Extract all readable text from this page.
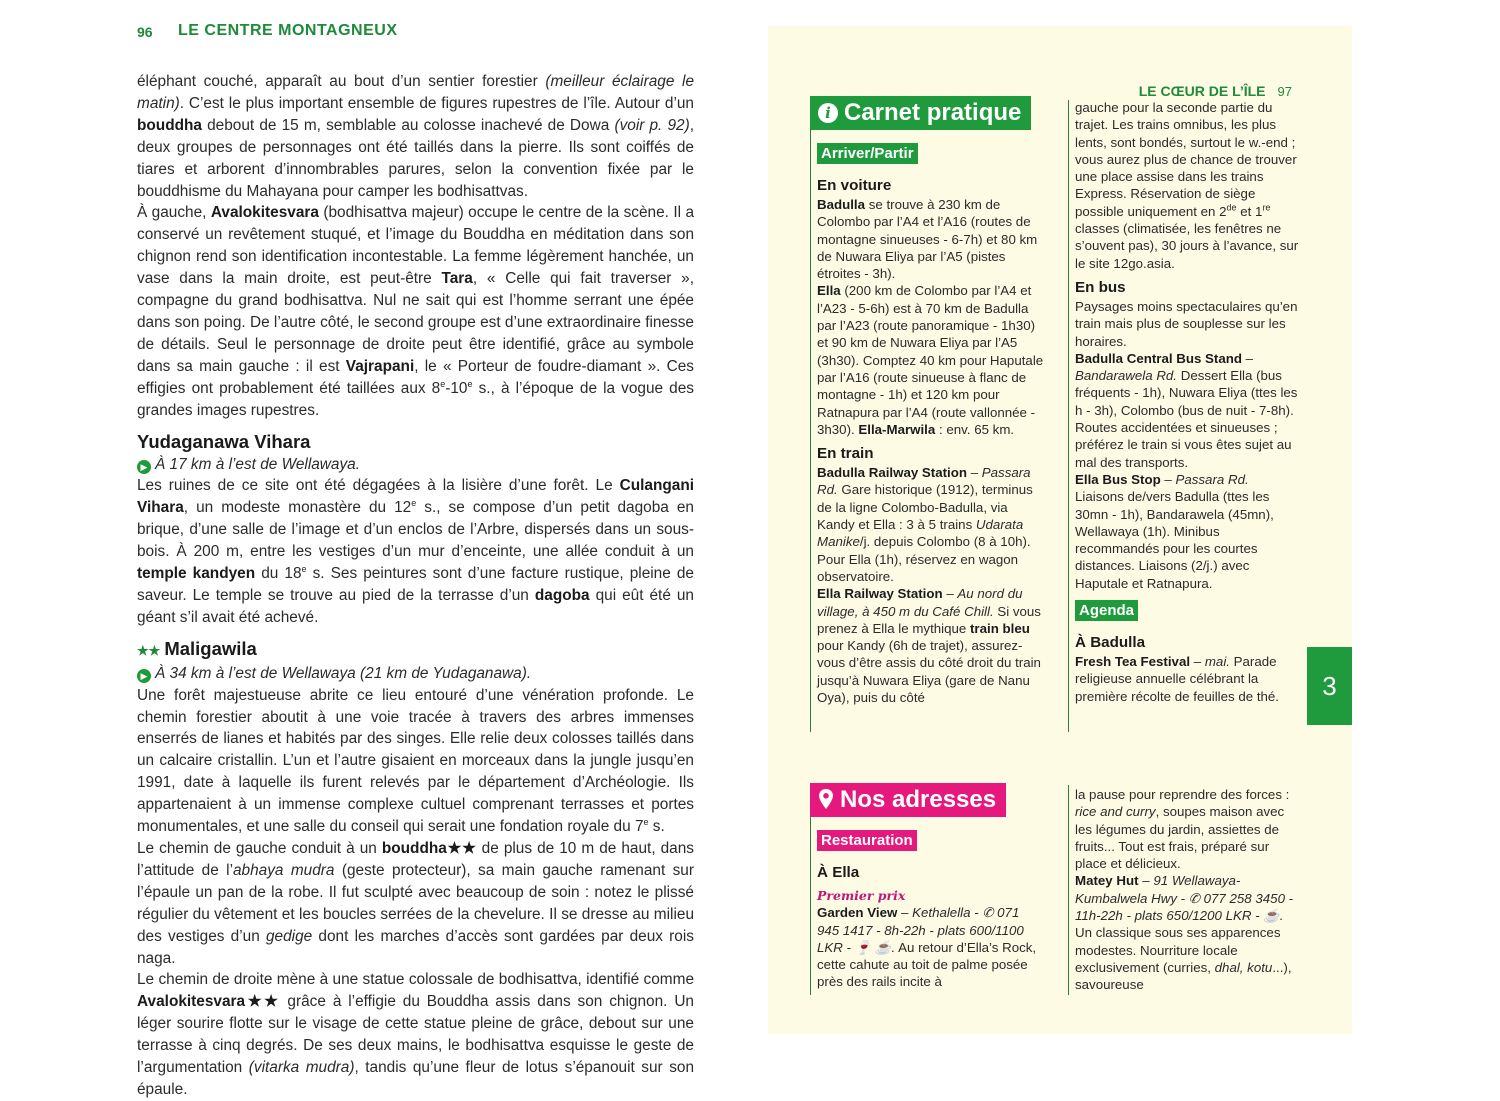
96 LE CENTRE MONTAGNEUX

éléphant couché, apparaît au bout d’un sentier forestier (meilleur éclairage le matin). C’est le plus important ensemble de figures rupestres de l’île. Autour d’un bouddha debout de 15 m, semblable au colosse inachevé de Dowa (voir p. 92), deux groupes de personnages ont été taillés dans la pierre. Ils sont coiffés de tiares et arborent d’innombrables parures, selon la convention fixée par le bouddhisme du Mahayana pour camper les bodhisattvas.

À gauche, Avalokitesvara (bodhisattva majeur) occupe le centre de la scène. Il a conservé un revêtement stuqué, et l’image du Bouddha en méditation dans son chignon rend son identification incontestable. La femme légèrement hanchée, un vase dans la main droite, est peut-être Tara, « Celle qui fait traverser », compagne du grand bodhisattva. Nul ne sait qui est l’homme serrant une épée dans son poing. De l’autre côté, le second groupe est d’une extraordinaire finesse de détails. Seul le personnage de droite peut être identifié, grâce au symbole dans sa main gauche : il est Vajrapani, le « Porteur de foudre-diamant ». Ces effigies ont probablement été taillées aux 8e-10e s., à l’époque de la vogue des grandes images rupestres.

Yudaganawa Vihara
▶ À 17 km à l’est de Wellawaya.

Les ruines de ce site ont été dégagées à la lisière d’une forêt. Le Culangani Vihara, un modeste monastère du 12e s., se compose d’un petit dagoba en brique, d’une salle de l’image et d’un enclos de l’Arbre, dispersés dans un sous-bois. À 200 m, entre les vestiges d’un mur d’enceinte, une allée conduit à un temple kandyen du 18e s. Ses peintures sont d’une facture rustique, pleine de saveur. Le temple se trouve au pied de la terrasse d’un dagoba qui eût été un géant s’il avait été achevé.

★★ Maligawila
▶ À 34 km à l’est de Wellawaya (21 km de Yudaganawa).

Une forêt majestueuse abrite ce lieu entouré d’une vénération profonde. Le chemin forestier aboutit à une voie tracée à travers des arbres immenses enserrés de lianes et habités par des singes. Elle relie deux colosses taillés dans un calcaire cristallin. L’un et l’autre gisaient en morceaux dans la jungle jusqu’en 1991, date à laquelle ils furent relevés par le département d’Archéologie. Ils appartenaient à un immense complexe cultuel comprenant terrasses et portes monumentales, et une salle du conseil qui serait une fondation royale du 7e s.

Le chemin de gauche conduit à un bouddha★★ de plus de 10 m de haut, dans l’attitude de l’abhaya mudra (geste protecteur), sa main gauche ramenant sur l’épaule un pan de la robe. Il fut sculpté avec beaucoup de soin : notez le plissé régulier du vêtement et les boucles serrées de la chevelure. Il se dresse au milieu des vestiges d’un gedige dont les marches d’accès sont gardées par deux rois naga.

Le chemin de droite mène à une statue colossale de bodhisattva, identifié comme Avalokitesvara★★ grâce à l’effigie du Bouddha assis dans son chignon. Un léger sourire flotte sur le visage de cette statue pleine de grâce, debout sur une terrasse à cinq degrés. De ses deux mains, le bodhisattva esquisse le geste de l’argumentation (vitarka mudra), tandis qu’une fleur de lotus s’épanouit sur son épaule.

LE CŒUR DE L’ÎLE 97
i Carnet pratique
Arriver/Partir
En voiture

Badulla se trouve à 230 km de Colombo par l’A4 et l’A16 (routes de montagne sinueuses - 6-7h) et 80 km de Nuwara Eliya par l’A5 (pistes étroites - 3h).

Ella (200 km de Colombo par l’A4 et l’A23 - 5-6h) est à 70 km de Badulla par l’A23 (route panoramique - 1h30) et 90 km de Nuwara Eliya par l’A5 (3h30). Comptez 40 km pour Haputale par l’A16 (route sinueuse à flanc de montagne - 1h) et 120 km pour Ratnapura par l’A4 (route vallonnée - 3h30). Ella-Marwila : env. 65 km.

En train

Badulla Railway Station – Passara Rd. Gare historique (1912), terminus de la ligne Colombo-Badulla, via Kandy et Ella : 3 à 5 trains Udarata Manike/j. depuis Colombo (8 à 10h). Pour Ella (1h), réservez en wagon observatoire.

Ella Railway Station – Au nord du village, à 450 m du Café Chill. Si vous prenez à Ella le mythique train bleu pour Kandy (6h de trajet), assurez-vous d’être assis du côté droit du train jusqu’à Nuwara Eliya (gare de Nanu Oya), puis du côté

gauche pour la seconde partie du trajet. Les trains omnibus, les plus lents, sont bondés, surtout le w.-end ; vous aurez plus de chance de trouver une place assise dans les trains Express. Réservation de siège possible uniquement en 2de et 1re classes (climatisée, les fenêtres ne s’ouvent pas), 30 jours à l’avance, sur le site 12go.asia.

En bus

Paysages moins spectaculaires qu’en train mais plus de souplesse sur les horaires.

Badulla Central Bus Stand – Bandarawela Rd. Dessert Ella (bus fréquents - 1h), Nuwara Eliya (ttes les h - 3h), Colombo (bus de nuit - 7-8h). Routes accidentées et sinueuses ; préférez le train si vous êtes sujet au mal des transports.

Ella Bus Stop – Passara Rd. Liaisons de/vers Badulla (ttes les 30mn - 1h), Bandarawela (45mn), Wellawaya (1h). Minibus recommandés pour les courtes distances. Liaisons (2/j.) avec Haputale et Ratnapura.

Agenda
À Badulla

Fresh Tea Festival – mai. Parade religieuse annuelle célébrant la première récolte de feuilles de thé.	3
Nos adresses
Restauration
À Ella
Premier prix

Garden View – Kethalella - ✆ 071 945 1417 - 8h-22h - plats 600/1100 LKR - 🍷 ☕. Au retour d’Ella’s Rock, cette cahute au toit de palme posée près des rails incite à

la pause pour reprendre des forces : rice and curry, soupes maison avec les légumes du jardin, assiettes de fruits... Tout est frais, préparé sur place et délicieux.

Matey Hut – 91 Wellawaya-Kumbalwela Hwy - ✆ 077 258 3450 - 11h-22h - plats 650/1200 LKR - ☕. Un classique sous ses apparences modestes. Nourriture locale exclusivement (curries, dhal, kotu...), savoureuse
